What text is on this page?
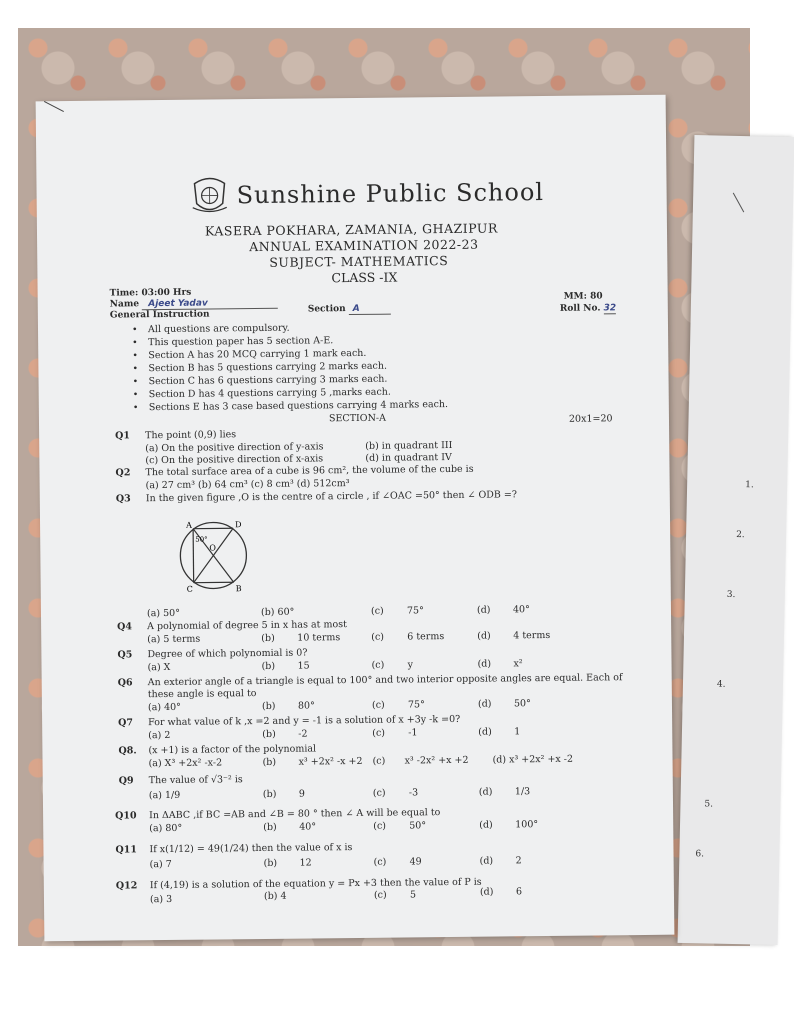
1.
2.
3.
4.
5.
6.
Sunshine Public School
KASERA POKHARA, ZAMANIA, GHAZIPUR
ANNUAL EXAMINATION 2022-23
SUBJECT- MATHEMATICS
CLASS -IX
Time: 03:00 Hrs
Name Ajeet Yadav
General Instruction
Section A
MM: 80
Roll No. 32
• All questions are compulsory.
• This question paper has 5 section A-E.
• Section A has 20 MCQ carrying 1 mark each.
• Section B has 5 questions carrying 2 marks each.
• Section C has 6 questions carrying 3 marks each.
• Section D has 4 questions carrying 5 ,marks each.
• Sections E has 3 case based questions carrying 4 marks each.
SECTION-A	20x1=20
Q1 The point (0,9) lies
(a) On the positive direction of y-axis	(b) in quadrant III
(c) On the positive direction of x-axis	(d) in quadrant IV
Q2 The total surface area of a cube is 96 cm², the volume of the cube is
(a) 27 cm³ (b) 64 cm³ (c) 8 cm³ (d) 512cm³
Q3 In the given figure ,O is the centre of a circle , if ∠OAC =50° then ∠ ODB =?
A	D
C	B
O
50°
(a) 50°	(b) 60°	(c) 75°	(d) 40°
Q4 A polynomial of degree 5 in x has at most
(a) 5 terms	(b) 10 terms	(c) 6 terms	(d) 4 terms
Q5 Degree of which polynomial is 0?
(a) X	(b) 15	(c) y	(d) x²
Q6 An exterior angle of a triangle is equal to 100° and two interior opposite angles are equal. Each of
these angle is equal to
(a) 40°	(b) 80°	(c) 75°	(d) 50°
Q7 For what value of k ,x =2 and y = -1 is a solution of x +3y -k =0?
(a) 2	(b) -2	(c) -1	(d) 1
Q8. (x +1) is a factor of the polynomial
(a) X³ +2x² -x-2	(b) x³ +2x² -x +2 (c) x³ -2x² +x +2	(d) x³ +2x² +x -2
Q9 The value of √3⁻² is
(a) 1/9	(b) 9	(c) -3	(d) 1/3
Q10 In ΔABC ,if BC =AB and ∠B = 80 ° then ∠ A will be equal to
(a) 80°	(b) 40°	(c) 50°	(d) 100°
Q11 If x(1/12) = 49(1/24) then the value of x is
(a) 7	(b) 12	(c) 49	(d) 2
Q12 If (4,19) is a solution of the equation y = Px +3 then the value of P is
(a) 3	(b) 4	(c) 5	(d) 6
